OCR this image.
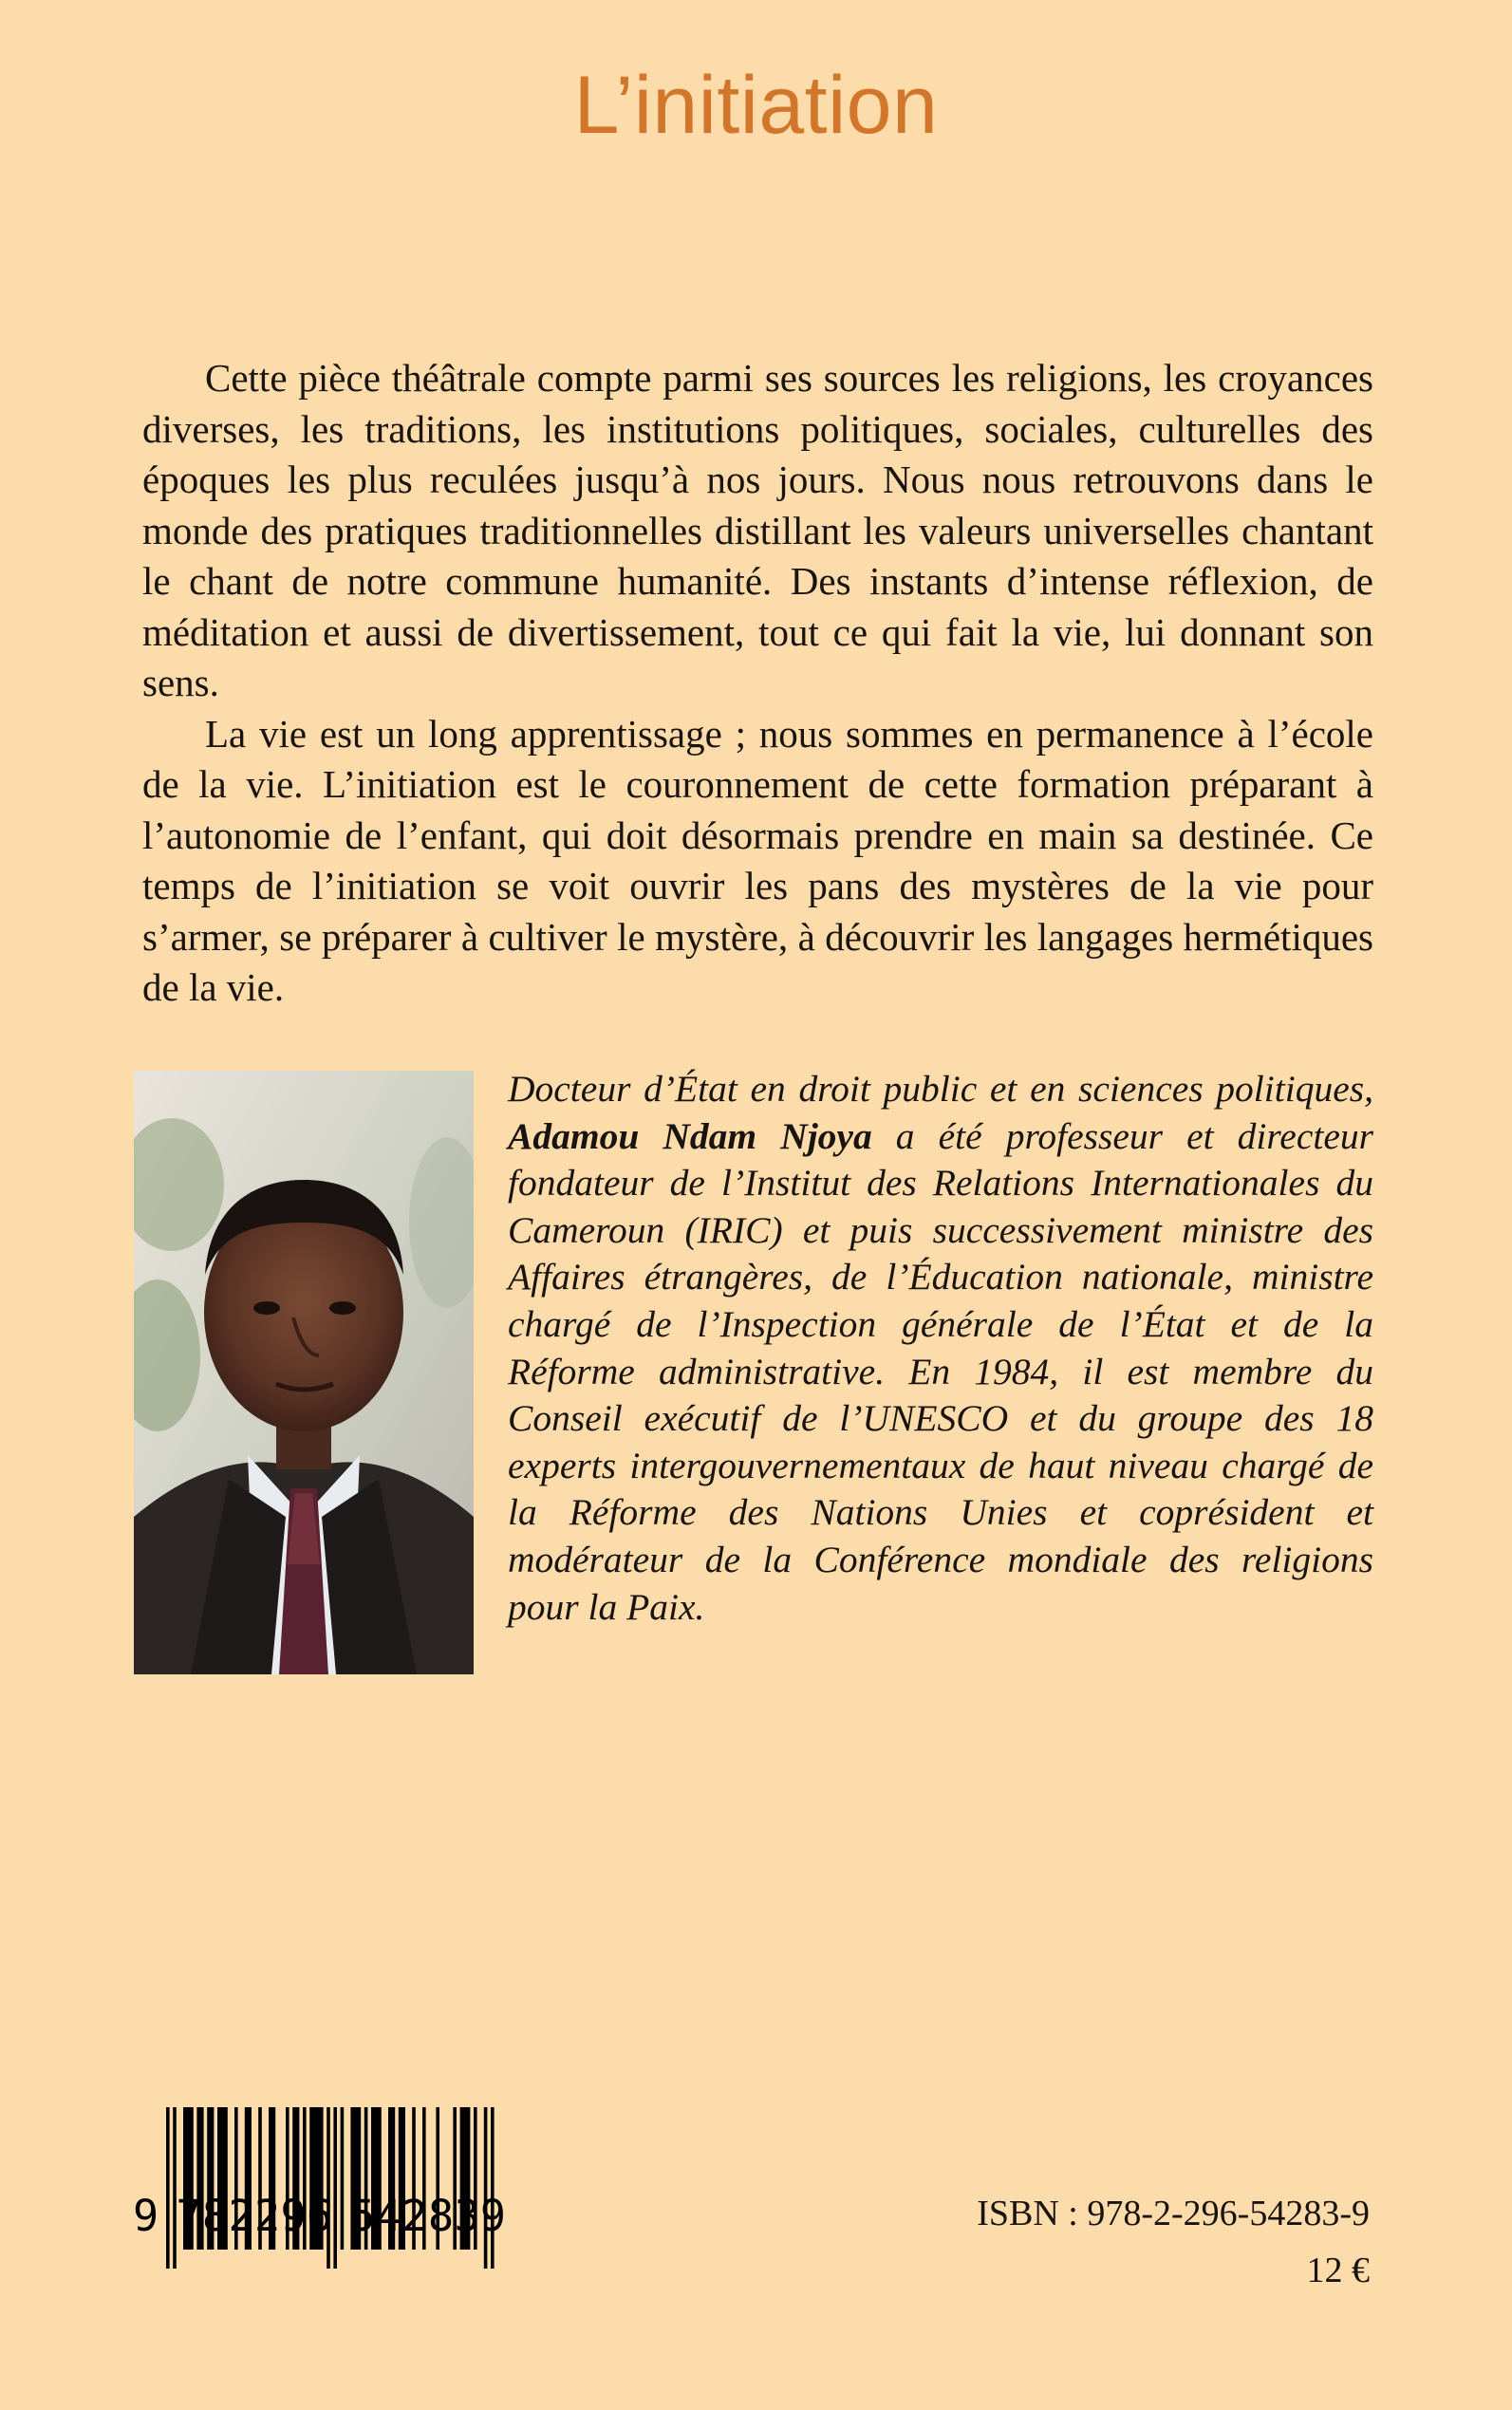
L’initiation

Cette pièce théâtrale compte parmi ses sources les religions, les croyances diverses, les traditions, les institutions politiques, sociales, culturelles des époques les plus reculées jusqu’à nos jours. Nous nous retrouvons dans le monde des pratiques traditionnelles distillant les valeurs universelles chantant le chant de notre commune humanité. Des instants d’intense réflexion, de méditation et aussi de divertissement, tout ce qui fait la vie, lui donnant son sens.

La vie est un long apprentissage ; nous sommes en permanence à l’école de la vie. L’initiation est le couronnement de cette formation préparant à l’autonomie de l’enfant, qui doit désormais prendre en main sa destinée. Ce temps de l’initiation se voit ouvrir les pans des mystères de la vie pour s’armer, se préparer à cultiver le mystère, à découvrir les langages hermétiques de la vie.

Docteur d’État en droit public et en sciences politiques, Adamou Ndam Njoya a été professeur et directeur fondateur de l’Institut des Relations Internationales du Cameroun (IRIC) et puis successivement ministre des Affaires étrangères, de l’Éducation nationale, ministre chargé de l’Inspection générale de l’État et de la Réforme administrative. En 1984, il est membre du Conseil exécutif de l’UNESCO et du groupe des 18 experts intergouvernementaux de haut niveau chargé de la Réforme des Nations Unies et coprésident et modérateur de la Conférence mondiale des religions pour la Paix.

9 782296 542839	ISBN : 978-2-296-54283-9
12 €
